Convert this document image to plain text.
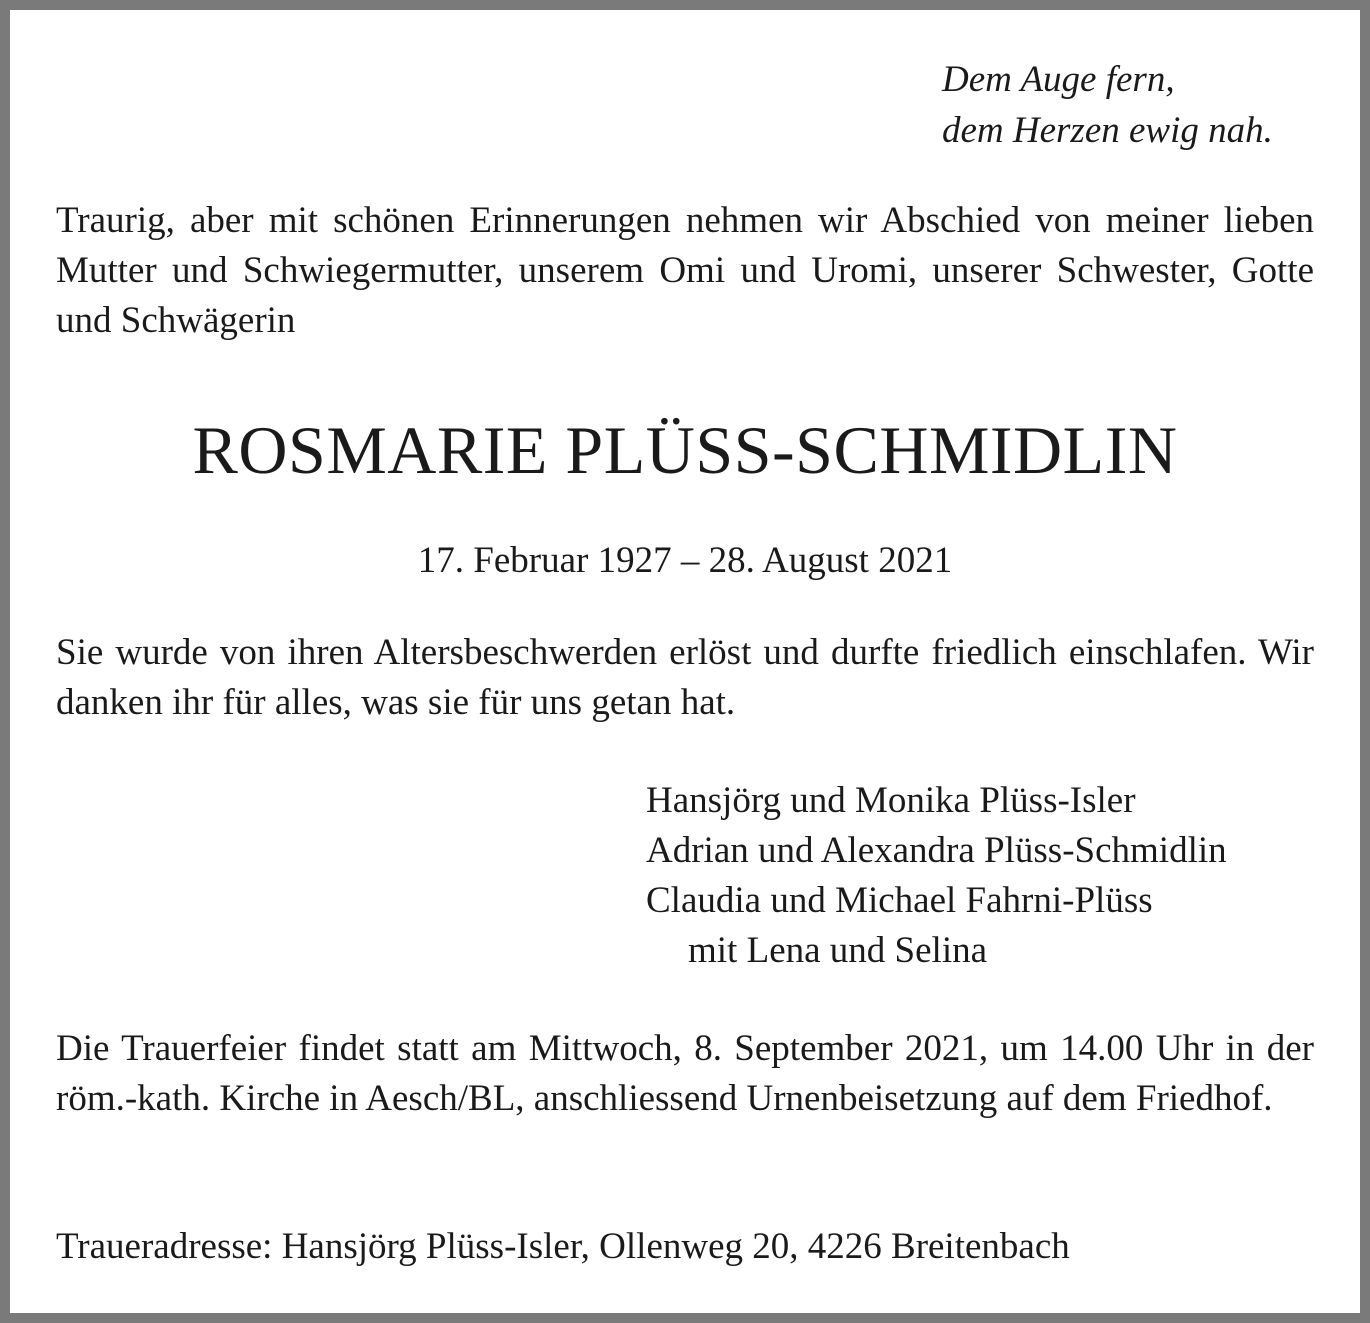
Dem Auge fern,
dem Herzen ewig nah.
Traurig, aber mit schönen Erinnerungen nehmen wir Abschied von meiner lieben Mutter und Schwiegermutter, unserem Omi und Uromi, unserer Schwester, Gotte und Schwägerin
ROSMARIE PLÜSS-SCHMIDLIN
17. Februar 1927 – 28. August 2021
Sie wurde von ihren Altersbeschwerden erlöst und durfte friedlich einschlafen. Wir danken ihr für alles, was sie für uns getan hat.
Hansjörg und Monika Plüss-Isler
Adrian und Alexandra Plüss-Schmidlin
Claudia und Michael Fahrni-Plüss
mit Lena und Selina
Die Trauerfeier findet statt am Mittwoch, 8. September 2021, um 14.00 Uhr in der röm.-kath. Kirche in Aesch/BL, anschliessend Urnenbeisetzung auf dem Friedhof.
Traueradresse: Hansjörg Plüss-Isler, Ollenweg 20, 4226 Breitenbach
